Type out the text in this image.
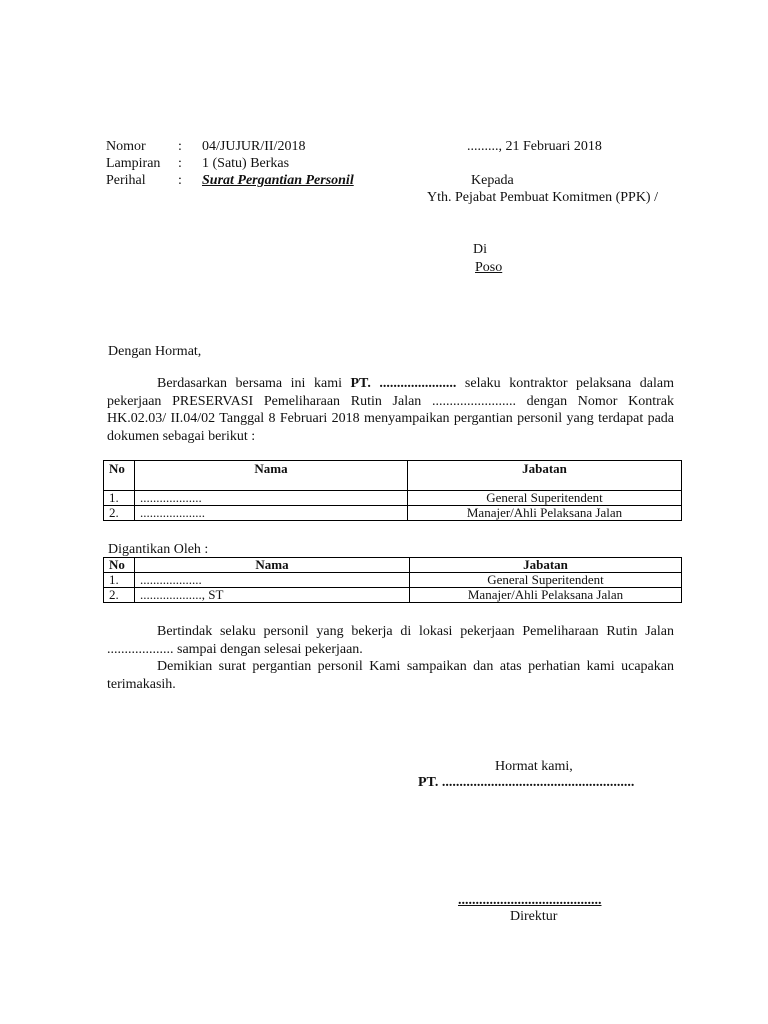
Nomor : 04/JUJUR/II/2018	........., 21 Februari 2018
Lampiran : 1 (Satu) Berkas
Perihal : Surat Pergantian Personil	Kepada
Yth. Pejabat Pembuat Komitmen (PPK) /
Di
Poso
Dengan Hormat,
Berdasarkan bersama ini kami PT. ...................... selaku kontraktor pelaksana dalam pekerjaan PRESERVASI Pemeliharaan Rutin Jalan ........................ dengan Nomor Kontrak HK.02.03/ II.04/02 Tanggal 8 Februari 2018 menyampaikan pergantian personil yang terdapat pada dokumen sebagai berikut :
No	Nama	Jabatan
1.	...................	General Superitendent
2.	....................	Manajer/Ahli Pelaksana Jalan
Digantikan Oleh :
No	Nama	Jabatan
1.	...................	General Superitendent
2.	..................., ST	Manajer/Ahli Pelaksana Jalan
Bertindak selaku personil yang bekerja di lokasi pekerjaan Pemeliharaan Rutin Jalan ................... sampai dengan selesai pekerjaan.
Demikian surat pergantian personil Kami sampaikan dan atas perhatian kami ucapakan terimakasih.
Hormat kami,
PT. .......................................................
.........................................
Direktur
